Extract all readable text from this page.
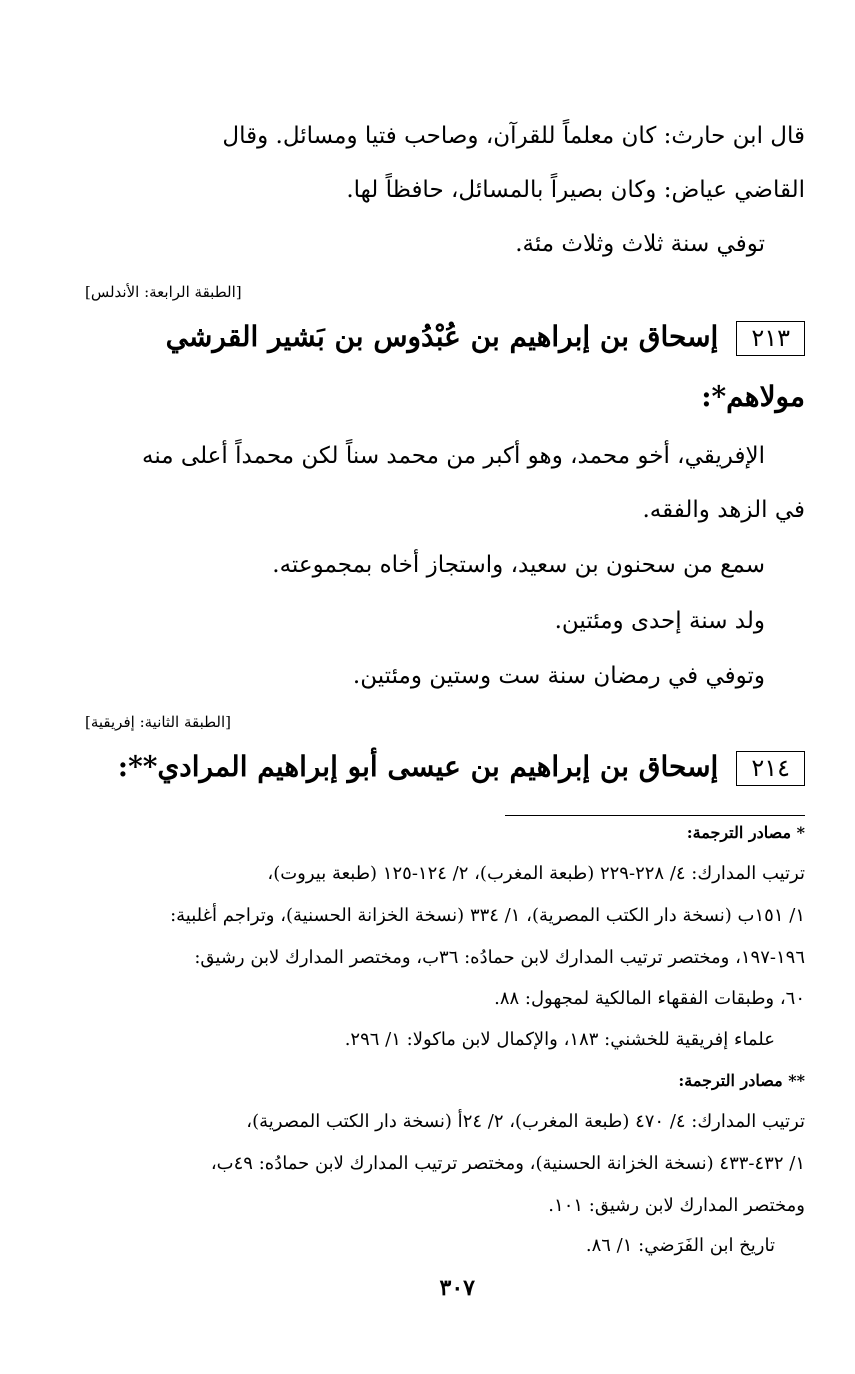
قال ابن حارث: كان معلماً للقرآن، وصاحب فتيا ومسائل. وقال
القاضي عياض: وكان بصيراً بالمسائل، حافظاً لها.
توفي سنة ثلاث وثلاث مئة.
[الطبقة الرابعة: الأندلس]
٢١٣إسحاق بن إبراهيم بن عُبْدُوس بن بَشير القرشي
مولاهم*:
الإفريقي، أخو محمد، وهو أكبر من محمد سناً لكن محمداً أعلى منه
في الزهد والفقه.
سمع من سحنون بن سعيد، واستجاز أخاه بمجموعته.
ولد سنة إحدى ومئتين.
وتوفي في رمضان سنة ست وستين ومئتين.
[الطبقة الثانية: إفريقية]
٢١٤إسحاق بن إبراهيم بن عيسى أبو إبراهيم المرادي**:
* مصادر الترجمة:
ترتيب المدارك: ٤/ ٢٢٨-٢٢٩ (طبعة المغرب)، ٢/ ١٢٤-١٢٥ (طبعة بيروت)،
١/ ١٥١ب (نسخة دار الكتب المصرية)، ١/ ٣٣٤ (نسخة الخزانة الحسنية)، وتراجم أغلبية:
١٩٦-١٩٧، ومختصر ترتيب المدارك لابن حمادُه: ٣٦ب، ومختصر المدارك لابن رشيق:
٦٠، وطبقات الفقهاء المالكية لمجهول: ٨٨.
علماء إفريقية للخشني: ١٨٣، والإكمال لابن ماكولا: ١/ ٢٩٦.
** مصادر الترجمة:
ترتيب المدارك: ٤/ ٤٧٠ (طبعة المغرب)، ٢/ ٢٤أ (نسخة دار الكتب المصرية)،
١/ ٤٣٢-٤٣٣ (نسخة الخزانة الحسنية)، ومختصر ترتيب المدارك لابن حمادُه: ٤٩ب،
ومختصر المدارك لابن رشيق: ١٠١.
تاريخ ابن الفَرَضي: ١/ ٨٦.
٣٠٧
